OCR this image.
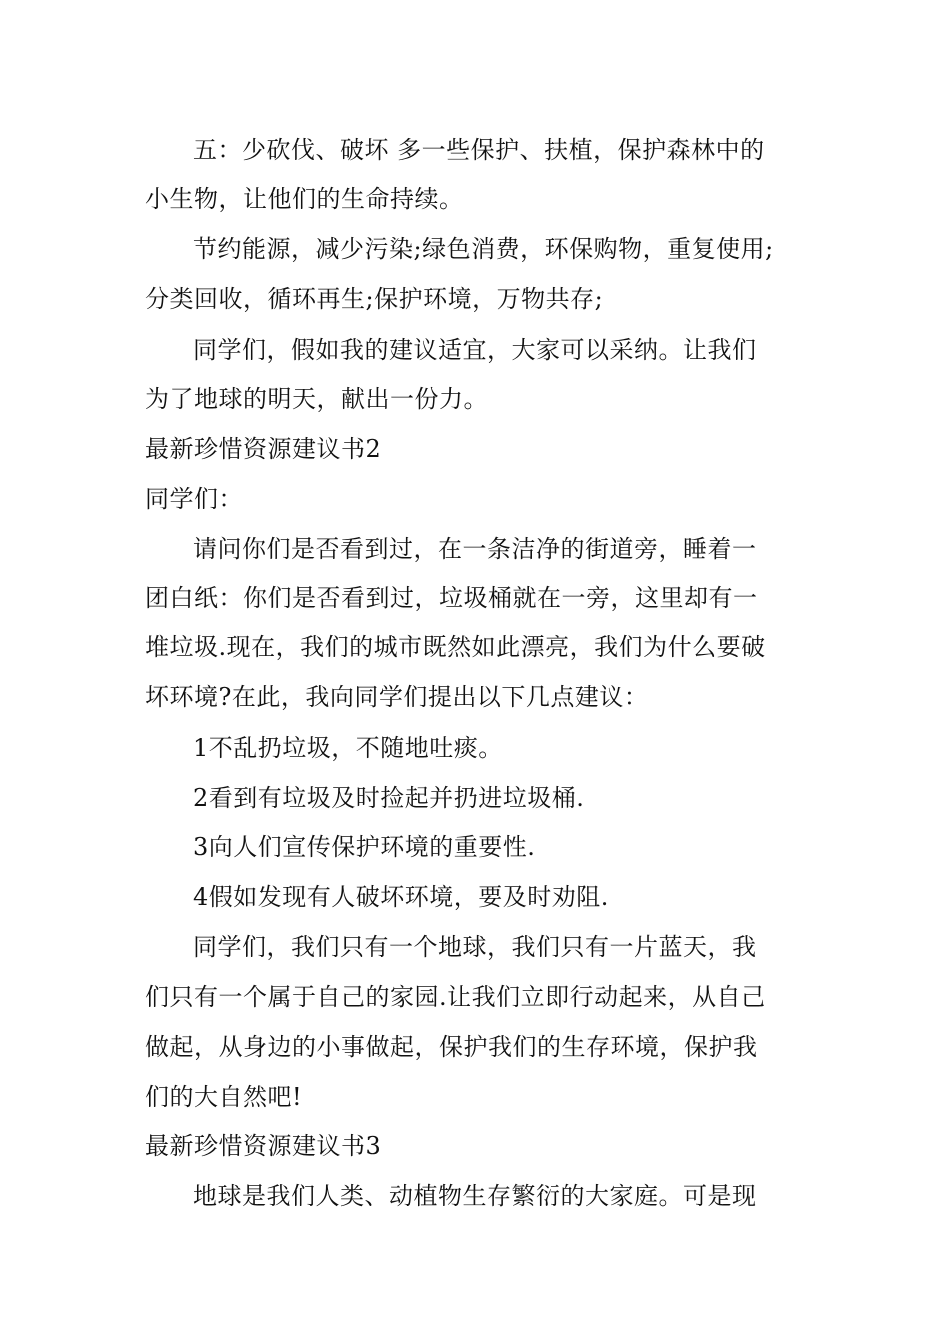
五：少砍伐、破坏 多一些保护、扶植，保护森林中的
小生物，让他们的生命持续。
节约能源，减少污染;绿色消费，环保购物，重复使用;
分类回收，循环再生;保护环境，万物共存;
同学们，假如我的建议适宜，大家可以采纳。让我们
为了地球的明天，献出一份力。
最新珍惜资源建议书2
同学们：
请问你们是否看到过，在一条洁净的街道旁，睡着一
团白纸：你们是否看到过，垃圾桶就在一旁，这里却有一
堆垃圾.现在，我们的城市既然如此漂亮，我们为什么要破
坏环境?在此，我向同学们提出以下几点建议：
1不乱扔垃圾，不随地吐痰。
2看到有垃圾及时捡起并扔进垃圾桶.
3向人们宣传保护环境的重要性.
4假如发现有人破坏环境，要及时劝阻.
同学们，我们只有一个地球，我们只有一片蓝天，我
们只有一个属于自己的家园.让我们立即行动起来，从自己
做起，从身边的小事做起，保护我们的生存环境，保护我
们的大自然吧!
最新珍惜资源建议书3
地球是我们人类、动植物生存繁衍的大家庭。可是现
